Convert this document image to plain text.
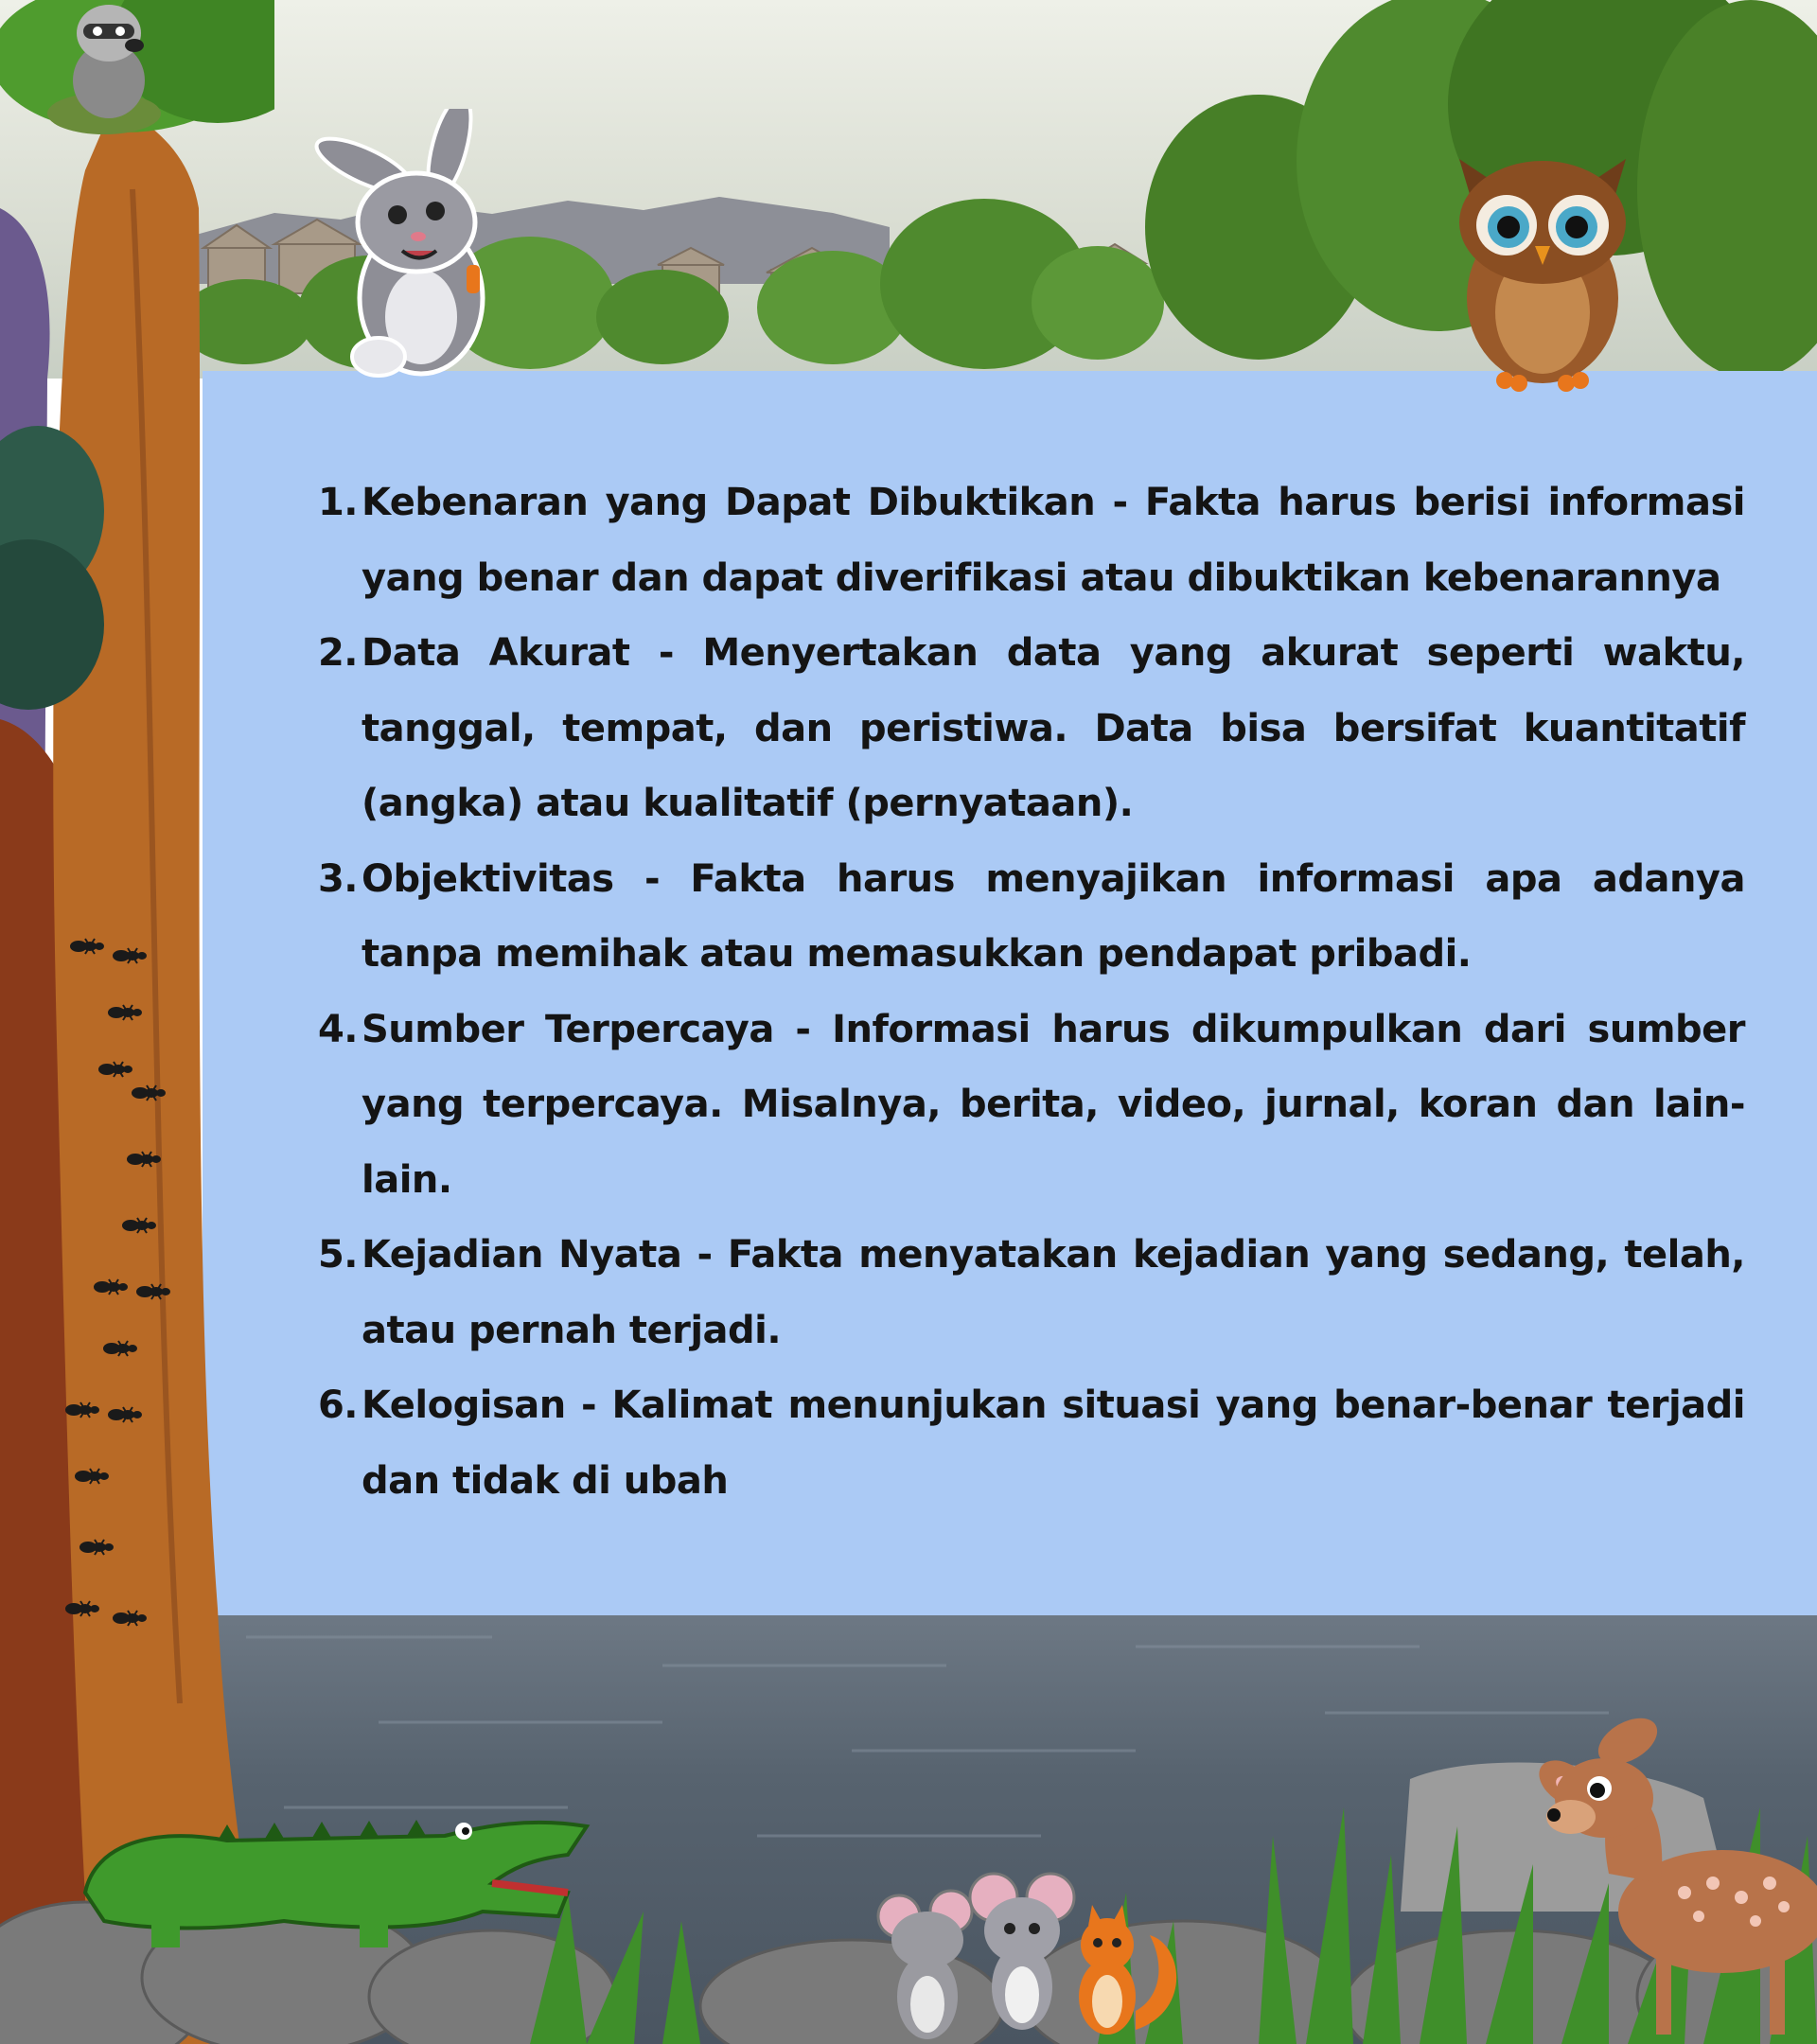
1. Kebenaran yang Dapat Dibuktikan - Fakta harus berisi informasi yang benar dan dapat diverifikasi atau dibuktikan kebenarannya
2. Data Akurat - Menyertakan data yang akurat seperti waktu, tanggal, tempat, dan peristiwa. Data bisa bersifat kuantitatif (angka) atau kualitatif (pernyataan).
3. Objektivitas - Fakta harus menyajikan informasi apa adanya tanpa memihak atau memasukkan pendapat pribadi.
4. Sumber Terpercaya - Informasi harus dikumpulkan dari sumber yang terpercaya. Misalnya, berita, video, jurnal, koran dan lain-lain.
5. Kejadian Nyata - Fakta menyatakan kejadian yang sedang, telah, atau pernah terjadi.
6. Kelogisan - Kalimat menunjukan situasi yang benar-benar terjadi dan tidak di ubah
